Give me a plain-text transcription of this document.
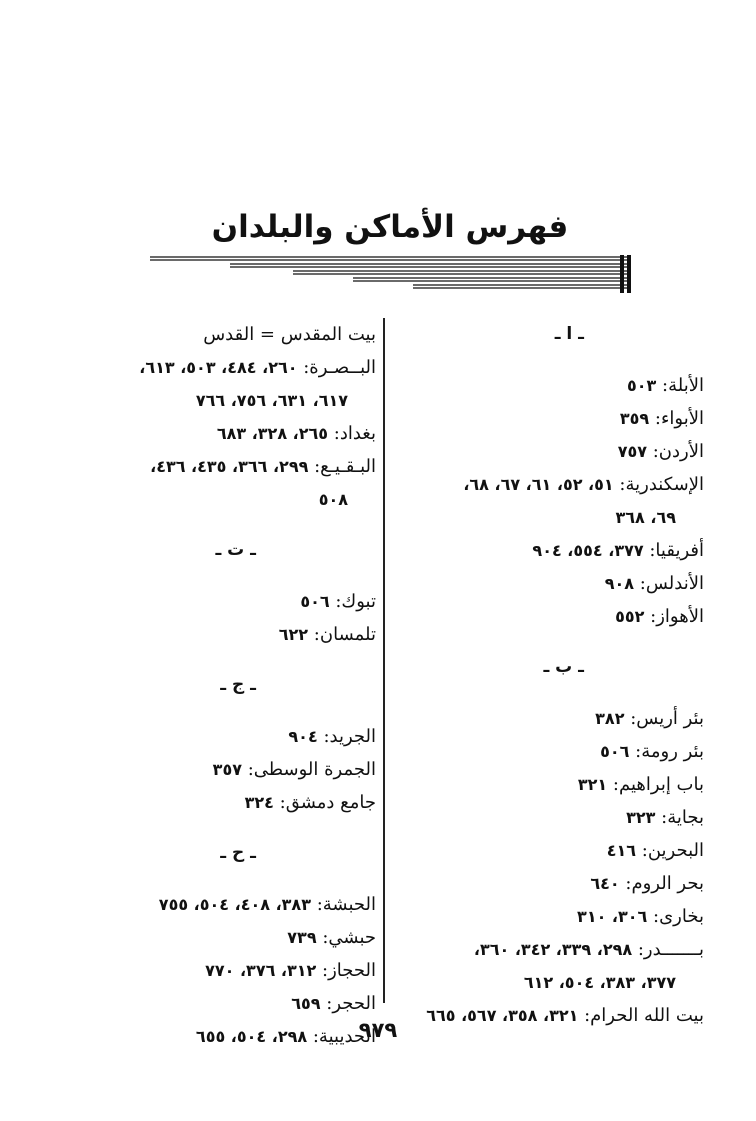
فهرس الأماكن والبلدان
ـ ا ـ
الأبلة: ٥٠٣
الأبواء: ٣٥٩
الأردن: ٧٥٧
الإسكندرية: ٥١، ٥٢، ٦١، ٦٧، ٦٨،
٦٩، ٣٦٨
أفريقيا: ٣٧٧، ٥٥٤، ٩٠٤
الأندلس: ٩٠٨
الأهواز: ٥٥٢
ـ ب ـ
بئر أريس: ٣٨٢
بئر رومة: ٥٠٦
باب إبراهيم: ٣٢١
بجاية: ٣٢٣
البحرين: ٤١٦
بحر الروم: ٦٤٠
بخارى: ٣٠٦، ٣١٠
بـــــــدر: ٢٩٨، ٣٣٩، ٣٤٢، ٣٦٠،
٣٧٧، ٣٨٣، ٥٠٤، ٦١٢
بيت الله الحرام: ٣٢١، ٣٥٨، ٥٦٧، ٦٦٥
بيت المقدس = القدس
البــصـرة: ٢٦٠، ٤٨٤، ٥٠٣، ٦١٣،
٦١٧، ٦٣١، ٧٥٦، ٧٦٦
بغداد: ٢٦٥، ٣٢٨، ٦٨٣
البـقـيـع: ٢٩٩، ٣٦٦، ٤٣٥، ٤٣٦،
٥٠٨
ـ ت ـ
تبوك: ٥٠٦
تلمسان: ٦٢٢
ـ ج ـ
الجريد: ٩٠٤
الجمرة الوسطى: ٣٥٧
جامع دمشق: ٣٢٤
ـ ح ـ
الحبشة: ٣٨٣، ٤٠٨، ٥٠٤، ٧٥٥
حبشي: ٧٣٩
الحجاز: ٣١٢، ٣٧٦، ٧٧٠
الحجر: ٦٥٩
الحديبية: ٢٩٨، ٥٠٤، ٦٥٥	٩٧٩
